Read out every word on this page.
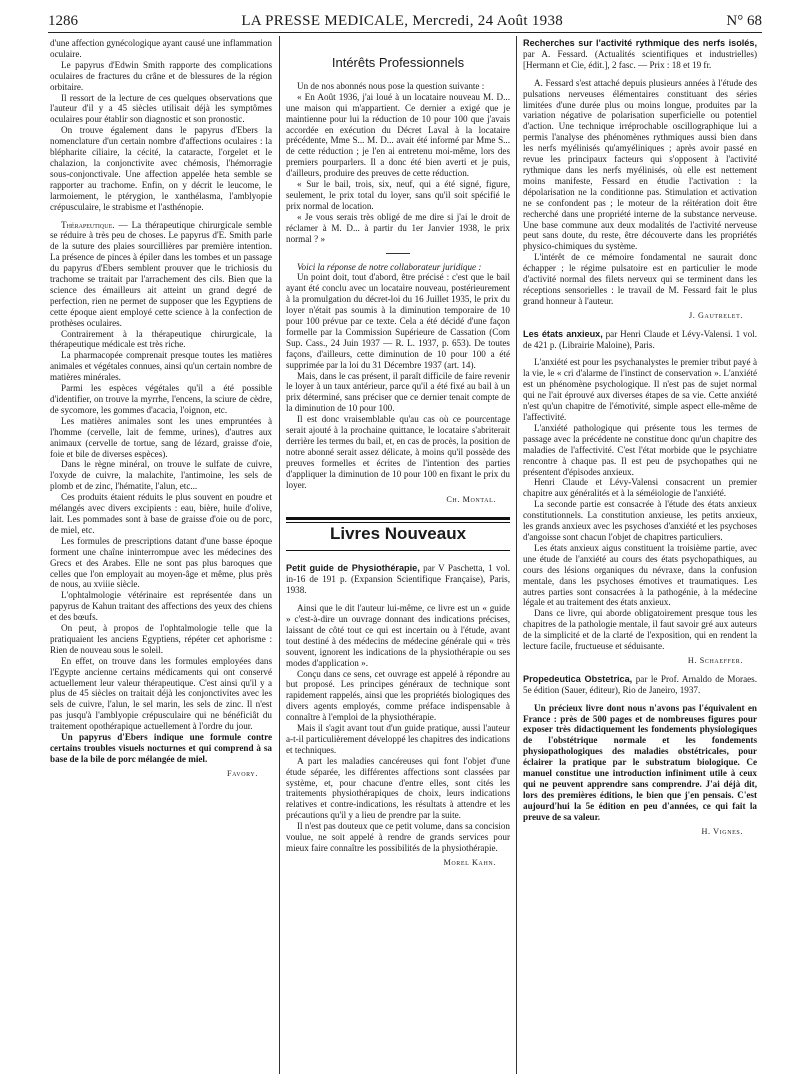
1286	LA PRESSE MEDICALE, Mercredi, 24 Août 1938	N° 68

d'une affection gynécologique ayant causé une inflammation oculaire.

Le papyrus d'Edwin Smith rapporte des complications oculaires de fractures du crâne et de blessures de la région orbitaire.

Il ressort de la lecture de ces quelques observations que l'auteur d'il y a 45 siècles utilisait déjà les symptômes oculaires pour établir son diagnostic et son pronostic.

On trouve également dans le papyrus d'Ebers la nomenclature d'un certain nombre d'affections oculaires : la blépharite ciliaire, la cécité, la cataracte, l'orgelet et le chalazion, la conjonctivite avec chémosis, l'hémorragie sous-conjonctivale. Une affection appelée heta semble se rapporter au trachome. Enfin, on y décrit le leucome, le larmoiement, le ptérygion, le xanthélasma, l'amblyopie crépusculaire, le strabisme et l'asthénopie.

Thérapeutique. — La thérapeutique chirurgicale semble se réduire à très peu de choses. Le papyrus d'E. Smith parle de la suture des plaies sourcillières par première intention. La présence de pinces à épiler dans les tombes et un passage du papyrus d'Ebers semblent prouver que le trichiosis du trachome se traitait par l'arrachement des cils. Bien que la science des émailleurs ait atteint un grand degré de perfection, rien ne permet de supposer que les Egyptiens de cette époque aient employé cette science à la confection de prothèses oculaires.

Contrairement à la thérapeutique chirurgicale, la thérapeutique médicale est très riche.

La pharmacopée comprenait presque toutes les matières animales et végétales connues, ainsi qu'un certain nombre de matières minérales.

Parmi les espèces végétales qu'il a été possible d'identifier, on trouve la myrrhe, l'encens, la sciure de cèdre, de sycomore, les gommes d'acacia, l'oignon, etc.

Les matières animales sont les unes empruntées à l'homme (cervelle, lait de femme, urines), d'autres aux animaux (cervelle de tortue, sang de lézard, graisse d'oie, foie et bile de diverses espèces).

Dans le règne minéral, on trouve le sulfate de cuivre, l'oxyde de cuivre, la malachite, l'antimoine, les sels de plomb et de zinc, l'hématite, l'alun, etc...

Ces produits étaient réduits le plus souvent en poudre et mélangés avec divers excipients : eau, bière, huile d'olive, lait. Les pommades sont à base de graisse d'oie ou de porc, de miel, etc.

Les formules de prescriptions datant d'une basse époque forment une chaîne ininterrompue avec les médecines des Grecs et des Arabes. Elle ne sont pas plus baroques que celles que l'on employait au moyen-âge et même, plus près de nous, au xviiie siècle.

L'ophtalmologie vétérinaire est représentée dans un papyrus de Kahun traitant des affections des yeux des chiens et des bœufs.

On peut, à propos de l'ophtalmologie telle que la pratiquaient les anciens Egyptiens, répéter cet aphorisme : Rien de nouveau sous le soleil.

En effet, on trouve dans les formules employées dans l'Egypte ancienne certains médicaments qui ont conservé actuellement leur valeur thérapeutique. C'est ainsi qu'il y a plus de 45 siècles on traitait déjà les conjonctivites avec les sels de cuivre, l'alun, le sel marin, les sels de zinc. Il n'est pas jusqu'à l'amblyopie crépusculaire qui ne bénéficiât du traitement opothérapique actuellement à l'ordre du jour.

Un papyrus d'Ebers indique une formule contre certains troubles visuels nocturnes et qui comprend à sa base de la bile de porc mélangée de miel.

Favory.
Intérêts Professionnels

Un de nos abonnés nous pose la question suivante :

« En Août 1936, j'ai loué à un locataire nouveau M. D... une maison qui m'appartient. Ce dernier a exigé que je maintienne pour lui la réduction de 10 pour 100 que j'avais accordée en exécution du Décret Laval à la locataire précédente, Mme S... M. D... avait été informé par Mme S... de cette réduction ; je l'en ai entretenu moi-même, lors des premiers pourparlers. Il a donc été bien averti et je puis, d'ailleurs, produire des preuves de cette réduction.

« Sur le bail, trois, six, neuf, qui a été signé, figure, seulement, le prix total du loyer, sans qu'il soit spécifié le prix normal de location.

« Je vous serais très obligé de me dire si j'ai le droit de réclamer à M. D... à partir du 1er Janvier 1938, le prix normal ? »

Voici la réponse de notre collaborateur juridique :

Un point doit, tout d'abord, être précisé : c'est que le bail ayant été conclu avec un locataire nouveau, postérieurement à la promulgation du décret-loi du 16 Juillet 1935, le prix du loyer n'était pas soumis à la diminution temporaire de 10 pour 100 prévue par ce texte. Cela a été décidé d'une façon formelle par la Commission Supérieure de Cassation (Com Sup. Cass., 24 Juin 1937 — R. L. 1937, p. 653). De toutes façons, d'ailleurs, cette diminution de 10 pour 100 a été supprimée par la loi du 31 Décembre 1937 (art. 14).

Mais, dans le cas présent, il paraît difficile de faire revenir le loyer à un taux antérieur, parce qu'il a été fixé au bail à un prix déterminé, sans préciser que ce dernier tenait compte de la diminution de 10 pour 100.

Il est donc vraisemblable qu'au cas où ce pourcentage serait ajouté à la prochaine quittance, le locataire s'abriterait derrière les termes du bail, et, en cas de procès, la position de notre abonné serait assez délicate, à moins qu'il possède des preuves formelles et écrites de l'intention des parties d'appliquer la diminution de 10 pour 100 en fixant le prix du loyer.

Ch. Montal.
Livres Nouveaux

Petit guide de Physiothérapie, par V Paschetta, 1 vol. in-16 de 191 p. (Expansion Scientifique Française), Paris, 1938.

Ainsi que le dit l'auteur lui-même, ce livre est un « guide » c'est-à-dire un ouvrage donnant des indications précises, laissant de côté tout ce qui est incertain ou à l'étude, avant tout destiné à des médecins de médecine générale qui « très souvent, ignorent les indications de la physiothérapie ou ses modes d'application ».

Conçu dans ce sens, cet ouvrage est appelé à répondre au but proposé. Les principes généraux de technique sont rapidement rappelés, ainsi que les propriétés biologiques des divers agents employés, comme préface indispensable à connaître à l'emploi de la physiothérapie.

Mais il s'agit avant tout d'un guide pratique, aussi l'auteur a-t-il particulièrement développé les chapitres des indications et techniques.

A part les maladies cancéreuses qui font l'objet d'une étude séparée, les différentes affections sont classées par système, et, pour chacune d'entre elles, sont cités les traitements physiothérapiques de choix, leurs indications relatives et contre-indications, les résultats à attendre et les précautions qu'il y a lieu de prendre par la suite.

Il n'est pas douteux que ce petit volume, dans sa concision voulue, ne soit appelé à rendre de grands services pour mieux faire connaître les possibilités de la physiothérapie.

Morel Kahn.

Recherches sur l'activité rythmique des nerfs isolés, par A. Fessard. (Actualités scientifiques et industrielles) [Hermann et Cie, édit.], 2 fasc. — Prix : 18 et 19 fr.

A. Fessard s'est attaché depuis plusieurs années à l'étude des pulsations nerveuses élémentaires constituant des séries limitées d'une durée plus ou moins longue, produites par la variation négative de polarisation superficielle ou potentiel d'action. Une technique irréprochable oscillographique lui a permis l'analyse des phénomènes rythmiques aussi bien dans les nerfs myélinisés qu'amyéliniques ; après avoir passé en revue les principaux facteurs qui s'opposent à l'activité rythmique dans les nerfs myélinisés, où elle est nettement moins manifeste, Fessard en étudie l'activation : la dépolarisation ne la conditionne pas. Stimulation et activation ne se confondent pas ; le moteur de la réitération doit être recherché dans une propriété interne de la substance nerveuse. Une base commune aux deux modalités de l'activité nerveuse peut sans doute, du reste, être découverte dans les propriétés physico-chimiques du système.

L'intérêt de ce mémoire fondamental ne saurait donc échapper ; le régime pulsatoire est en particulier le mode d'activité normal des filets nerveux qui se terminent dans les réceptions sensorielles : le travail de M. Fessard fait le plus grand honneur à l'auteur.

J. Gautrelet.

Les états anxieux, par Henri Claude et Lévy-Valensi. 1 vol. de 421 p. (Librairie Maloine), Paris.

L'anxiété est pour les psychanalystes le premier tribut payé à la vie, le « cri d'alarme de l'instinct de conservation ». L'anxiété est un phénomène psychologique. Il n'est pas de sujet normal qui ne l'ait éprouvé aux diverses étapes de sa vie. Cette anxiété n'est qu'un chapitre de l'émotivité, simple aspect elle-même de l'affectivité.

L'anxiété pathologique qui présente tous les termes de passage avec la précédente ne constitue donc qu'un chapitre des maladies de l'affectivité. C'est l'état morbide que le psychiatre rencontre à chaque pas. Il est peu de psychopathes qui ne présentent d'épisodes anxieux.

Henri Claude et Lévy-Valensi consacrent un premier chapitre aux généralités et à la séméiologie de l'anxiété.

La seconde partie est consacrée à l'étude des états anxieux constitutionnels. La constitution anxieuse, les petits anxieux, les grands anxieux avec les psychoses d'anxiété et les psychoses d'angoisse sont chacun l'objet de chapitres particuliers.

Les états anxieux aigus constituent la troisième partie, avec une étude de l'anxiété au cours des états psychopathiques, au cours des lésions organiques du névraxe, dans la confusion mentale, dans les psychoses émotives et traumatiques. Les autres parties sont consacrées à la pathogénie, à la médecine légale et au traitement des états anxieux.

Dans ce livre, qui aborde obligatoirement presque tous les chapitres de la pathologie mentale, il faut savoir gré aux auteurs de la simplicité et de la clarté de l'exposition, qui en rendent la lecture facile, fructueuse et séduisante.

H. Schaeffer.

Propedeutica Obstetrica, par le Prof. Arnaldo de Moraes. 5e édition (Sauer, éditeur), Rio de Janeiro, 1937.

Un précieux livre dont nous n'avons pas l'équivalent en France : près de 500 pages et de nombreuses figures pour exposer très didactiquement les fondements physiologiques de l'obstétrique normale et les fondements physiopathologiques des maladies obstétricales, pour éclairer la pratique par le substratum biologique. Ce manuel constitue une introduction infiniment utile à ceux qui ne peuvent apprendre sans comprendre. J'ai déjà dit, lors des premières éditions, le bien que j'en pensais. C'est aujourd'hui la 5e édition en peu d'années, ce qui fait la preuve de sa valeur.

H. Vignes.
